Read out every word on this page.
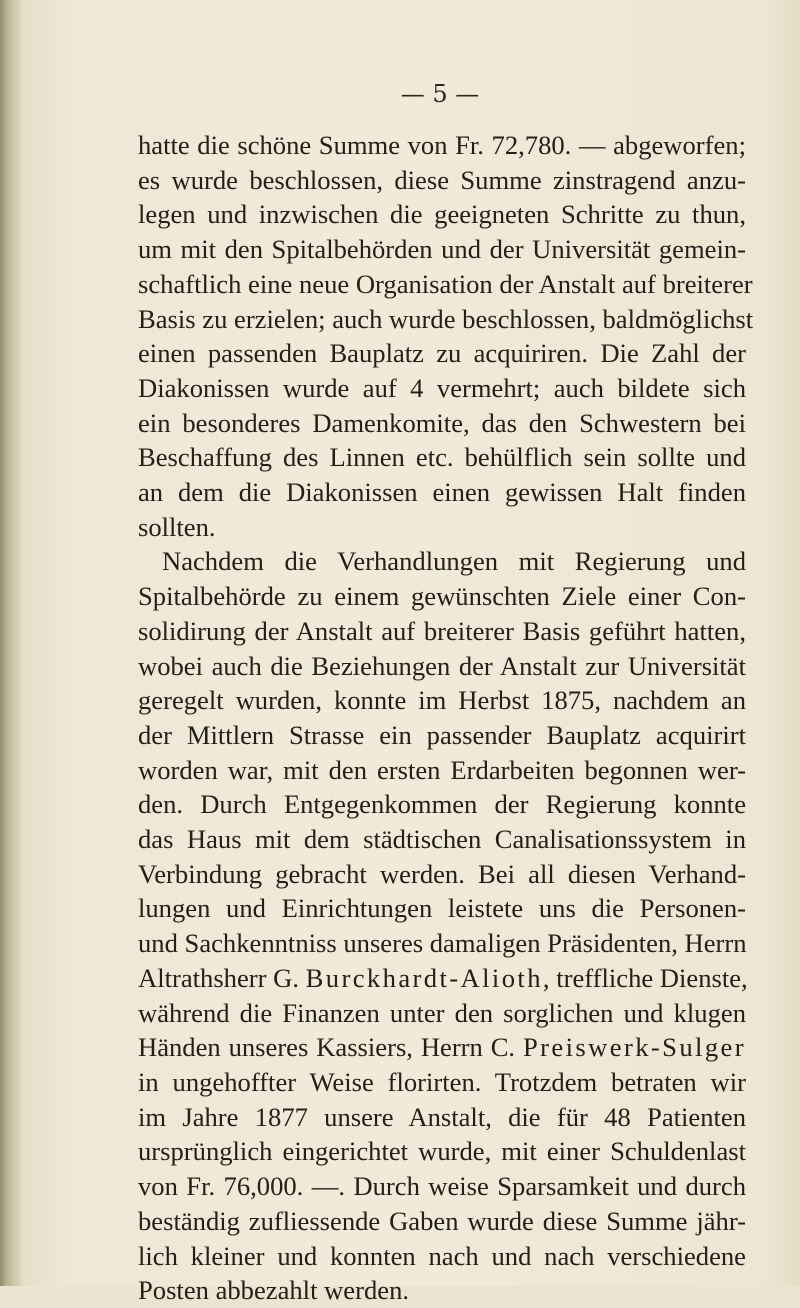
— 5 —
hatte die schöne Summe von Fr. 72,780. — abgeworfen;
es wurde beschlossen, diese Summe zinstragend anzu-
legen und inzwischen die geeigneten Schritte zu thun,
um mit den Spitalbehörden und der Universität gemein-
schaftlich eine neue Organisation der Anstalt auf breiterer
Basis zu erzielen; auch wurde beschlossen, baldmöglichst
einen passenden Bauplatz zu acquiriren. Die Zahl der
Diakonissen wurde auf 4 vermehrt; auch bildete sich
ein besonderes Damenkomite, das den Schwestern bei
Beschaffung des Linnen etc. behülflich sein sollte und
an dem die Diakonissen einen gewissen Halt finden
sollten.
Nachdem die Verhandlungen mit Regierung und
Spitalbehörde zu einem gewünschten Ziele einer Con-
solidirung der Anstalt auf breiterer Basis geführt hatten,
wobei auch die Beziehungen der Anstalt zur Universität
geregelt wurden, konnte im Herbst 1875, nachdem an
der Mittlern Strasse ein passender Bauplatz acquirirt
worden war, mit den ersten Erdarbeiten begonnen wer-
den. Durch Entgegenkommen der Regierung konnte
das Haus mit dem städtischen Canalisationssystem in
Verbindung gebracht werden. Bei all diesen Verhand-
lungen und Einrichtungen leistete uns die Personen-
und Sachkenntniss unseres damaligen Präsidenten, Herrn
Altrathsherr G. Burckhardt-Alioth, treffliche Dienste,
während die Finanzen unter den sorglichen und klugen
Händen unseres Kassiers, Herrn C. Preiswerk-Sulger
in ungehoffter Weise florirten. Trotzdem betraten wir
im Jahre 1877 unsere Anstalt, die für 48 Patienten
ursprünglich eingerichtet wurde, mit einer Schuldenlast
von Fr. 76,000. —. Durch weise Sparsamkeit und durch
beständig zufliessende Gaben wurde diese Summe jähr-
lich kleiner und konnten nach und nach verschiedene
Posten abbezahlt werden.
